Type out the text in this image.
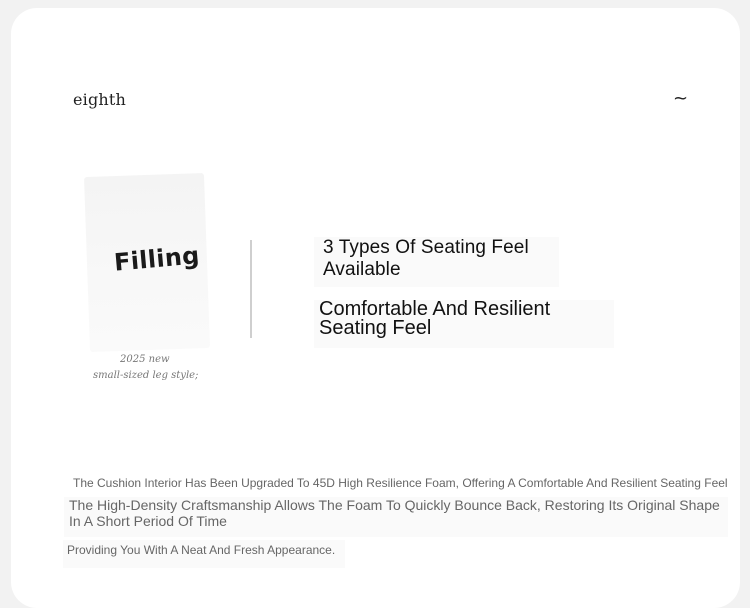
eighth	~
Filling
2025 new
small-sized leg style;
3 Types Of Seating Feel Available
Comfortable And Resilient Seating Feel
The Cushion Interior Has Been Upgraded To 45D High Resilience Foam, Offering A Comfortable And Resilient Seating Feel
The High-Density Craftsmanship Allows The Foam To Quickly Bounce Back, Restoring Its Original Shape In A Short Period Of Time
Providing You With A Neat And Fresh Appearance.
